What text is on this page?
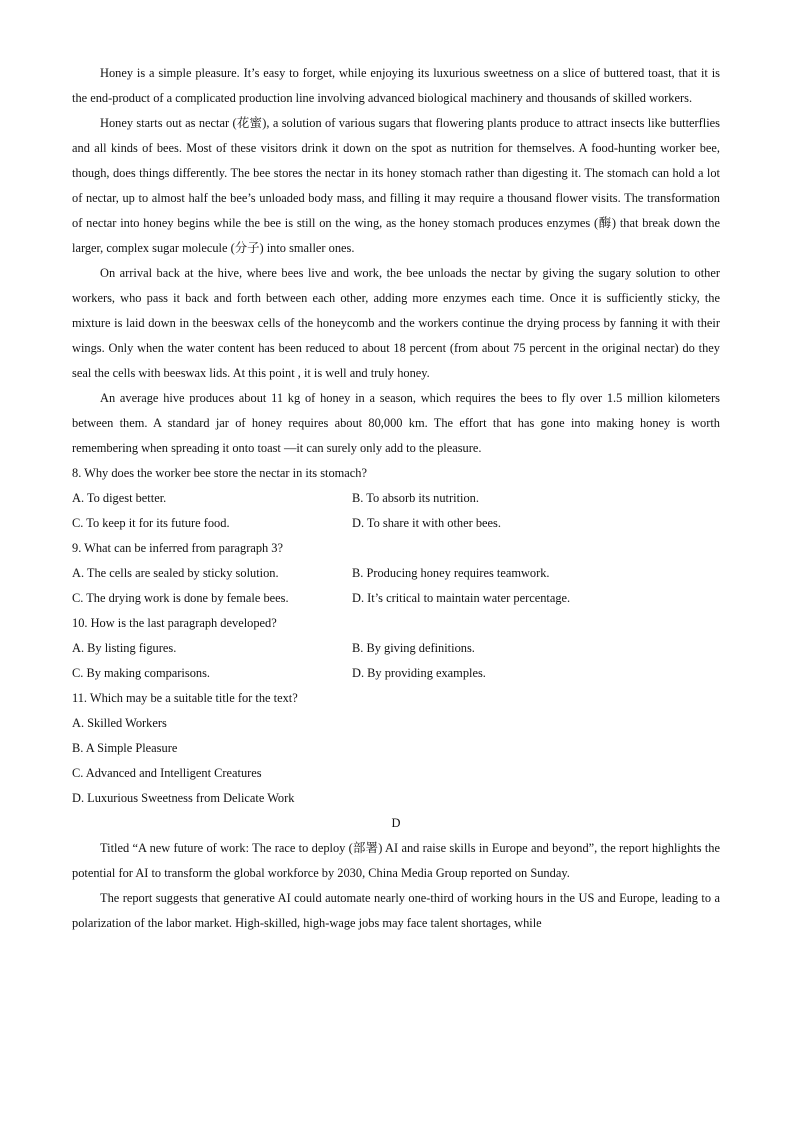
Honey is a simple pleasure. It’s easy to forget, while enjoying its luxurious sweetness on a slice of buttered toast, that it is the end-product of a complicated production line involving advanced biological machinery and thousands of skilled workers.

Honey starts out as nectar (花蜜), a solution of various sugars that flowering plants produce to attract insects like butterflies and all kinds of bees. Most of these visitors drink it down on the spot as nutrition for themselves. A food-hunting worker bee, though, does things differently. The bee stores the nectar in its honey stomach rather than digesting it. The stomach can hold a lot of nectar, up to almost half the bee’s unloaded body mass, and filling it may require a thousand flower visits. The transformation of nectar into honey begins while the bee is still on the wing, as the honey stomach produces enzymes (酶) that break down the larger, complex sugar molecule (分子) into smaller ones.

On arrival back at the hive, where bees live and work, the bee unloads the nectar by giving the sugary solution to other workers, who pass it back and forth between each other, adding more enzymes each time. Once it is sufficiently sticky, the mixture is laid down in the beeswax cells of the honeycomb and the workers continue the drying process by fanning it with their wings. Only when the water content has been reduced to about 18 percent (from about 75 percent in the original nectar) do they seal the cells with beeswax lids. At this point , it is well and truly honey.

An average hive produces about 11 kg of honey in a season, which requires the bees to fly over 1.5 million kilometers between them. A standard jar of honey requires about 80,000 km. The effort that has gone into making honey is worth remembering when spreading it onto toast —it can surely only add to the pleasure.

8. Why does the worker bee store the nectar in its stomach?

A. To digest better.	B. To absorb its nutrition.
C. To keep it for its future food.	D. To share it with other bees.

9. What can be inferred from paragraph 3?

A. The cells are sealed by sticky solution.	B. Producing honey requires teamwork.
C. The drying work is done by female bees.	D. It’s critical to maintain water percentage.

10. How is the last paragraph developed?

A. By listing figures.	B. By giving definitions.
C. By making comparisons.	D. By providing examples.

11. Which may be a suitable title for the text?

A. Skilled Workers

B. A Simple Pleasure

C. Advanced and Intelligent Creatures

D. Luxurious Sweetness from Delicate Work

D

Titled “A new future of work: The race to deploy (部署) AI and raise skills in Europe and beyond”, the report highlights the potential for AI to transform the global workforce by 2030, China Media Group reported on Sunday.

The report suggests that generative AI could automate nearly one-third of working hours in the US and Europe, leading to a polarization of the labor market. High-skilled, high-wage jobs may face talent shortages, while
